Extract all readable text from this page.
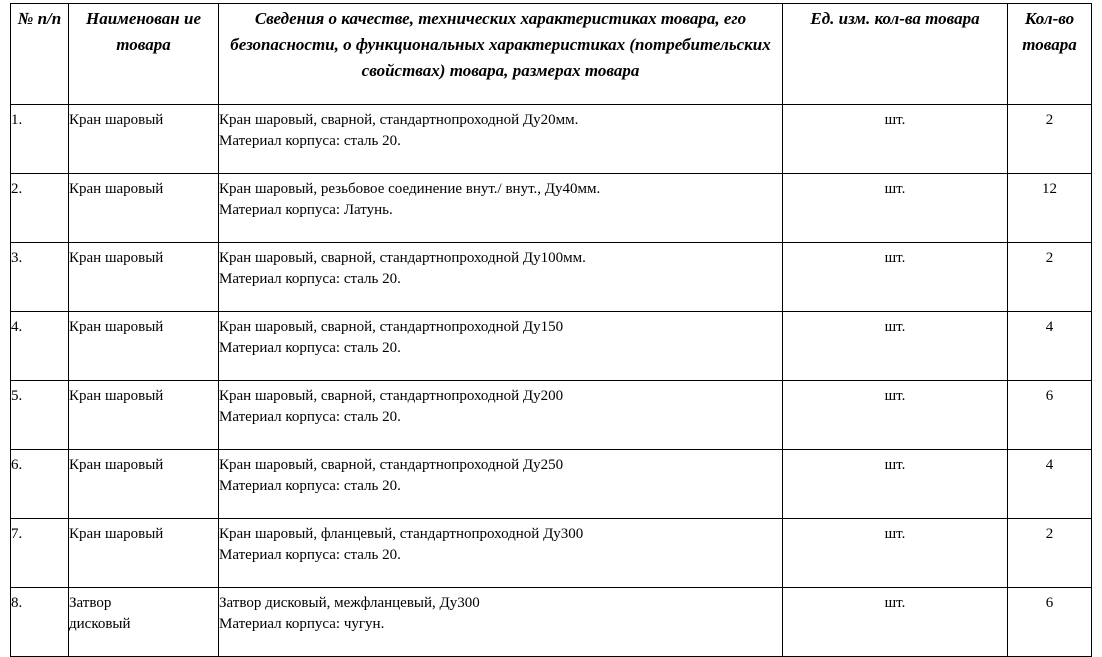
№ п/п	Наименован ие товара	Сведения о качестве, технических характеристиках товара, его безопасности, о функциональных характеристиках (потребительских свойствах) товара, размерах товара	Ед. изм. кол-ва товара	Кол-во товара
1.	Кран шаровый	Кран шаровый, сварной, стандартнопроходной Ду20мм.
Материал корпуса: сталь 20.	шт.	2
2.	Кран шаровый	Кран шаровый, резьбовое соединение внут./ внут., Ду40мм.
Материал корпуса: Латунь.	шт.	12
3.	Кран шаровый	Кран шаровый, сварной, стандартнопроходной Ду100мм.
Материал корпуса: сталь 20.	шт.	2
4.	Кран шаровый	Кран шаровый, сварной, стандартнопроходной Ду150
Материал корпуса: сталь 20.	шт.	4
5.	Кран шаровый	Кран шаровый, сварной, стандартнопроходной Ду200
Материал корпуса: сталь 20.	шт.	6
6.	Кран шаровый	Кран шаровый, сварной, стандартнопроходной Ду250
Материал корпуса: сталь 20.	шт.	4
7.	Кран шаровый	Кран шаровый, фланцевый, стандартнопроходной Ду300
Материал корпуса: сталь 20.	шт.	2
8.	Затвор
дисковый	Затвор дисковый, межфланцевый, Ду300
Материал корпуса: чугун.	шт.	6
